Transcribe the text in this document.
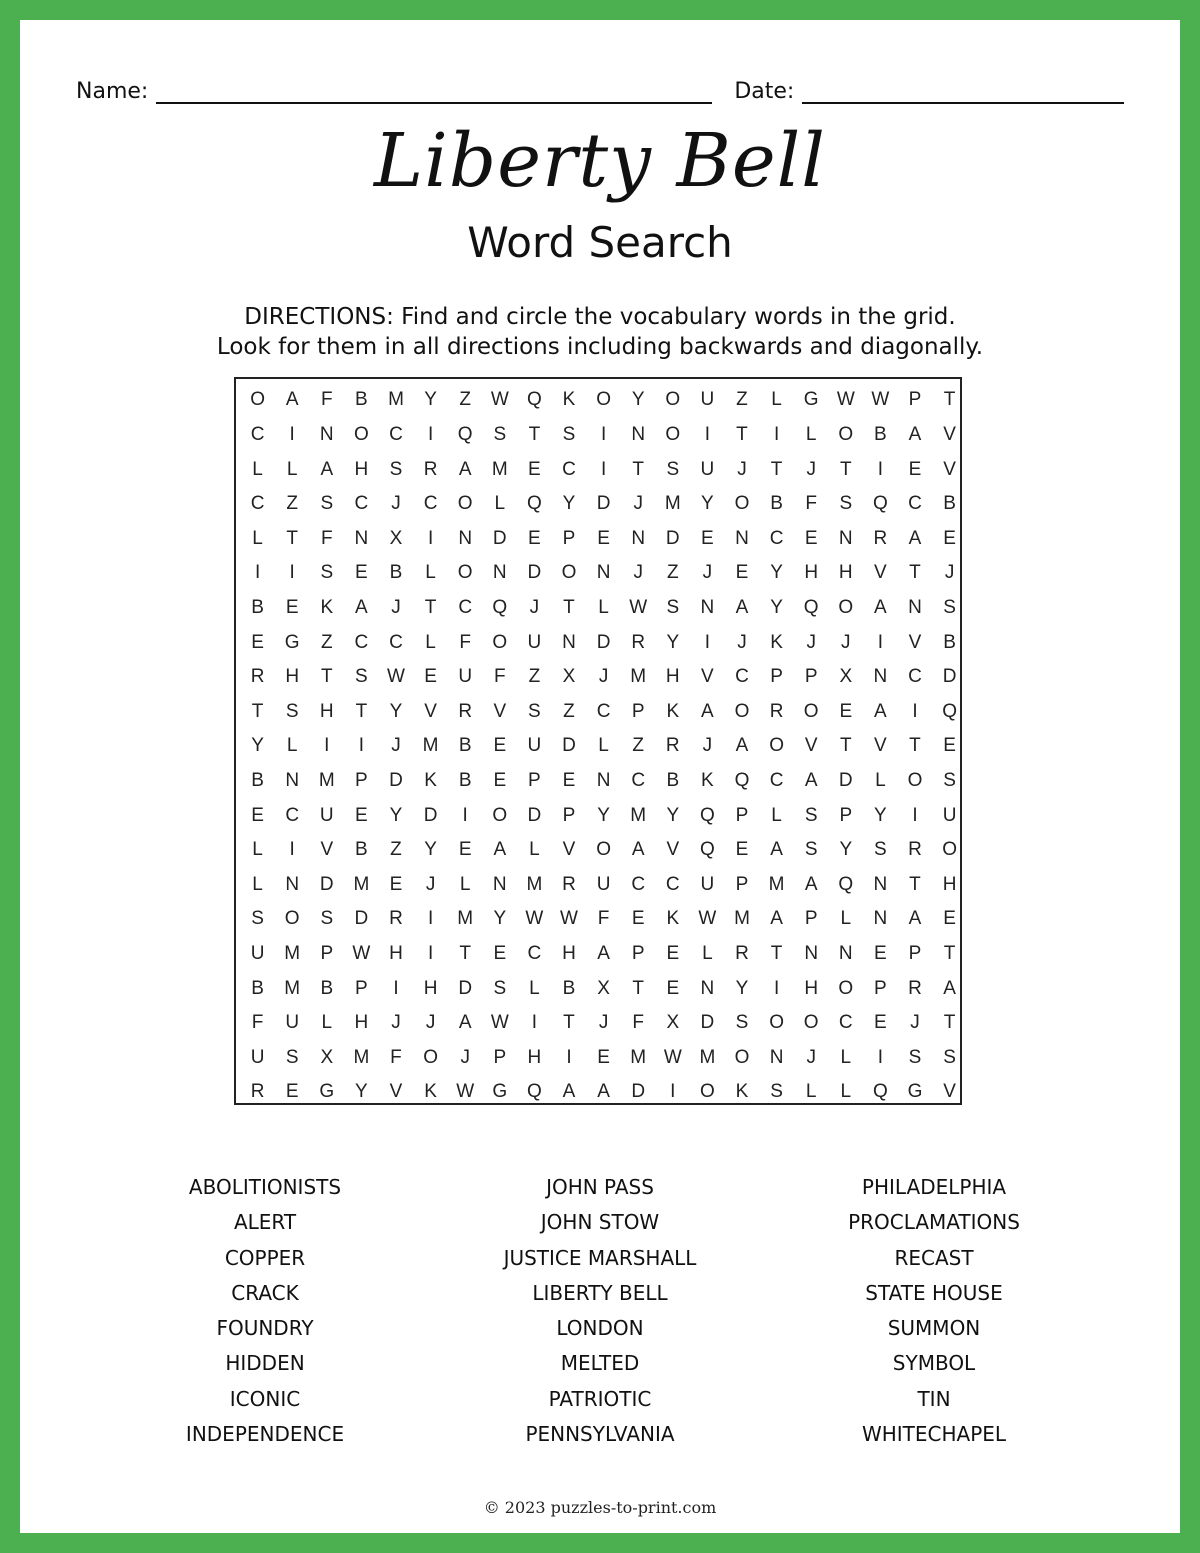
Name:	Date:
Liberty Bell
Word Search
DIRECTIONS: Find and circle the vocabulary words in the grid.
Look for them in all directions including backwards and diagonally.
O	A	F	B	M	Y	Z	W Q	K	O	Y	O	U	Z	L	G W W	P	T
C	I	N	O	C	I	Q	S	T	S	I	N	O	I	T	I	L	O	B	A	V
L	L	A	H	S	R	A	M	E	C	I	T	S	U	J	T	J	T	I	E	V
C	Z	S	C	J	C	O	L	Q	Y	D	J	M	Y	O	B	F	S	Q	C	B
L	T	F	N	X	I	N	D	E	P	E	N	D	E	N	C	E	N	R	A	E
I	I	S	E	B	L	O	N	D	O	N	J	Z	J	E	Y	H	H	V	T	J
B	E	K	A	J	T	C	Q	J	T	L	W	S	N	A	Y	Q	O	A	N	S
E	G	Z	C	C	L	F	O	U	N	D	R	Y	I	J	K	J	J	I	V	B
R	H	T	S	W	E	U	F	Z	X	J	M	H	V	C	P	P	X	N	C	D
T	S	H	T	Y	V	R	V	S	Z	C	P	K	A	O	R	O	E	A	I	Q
Y	L	I	I	J	M	B	E	U	D	L	Z	R	J	A	O	V	T	V	T	E
B	N	M	P	D	K	B	E	P	E	N	C	B	K	Q	C	A	D	L	O	S
E	C	U	E	Y	D	I	O	D	P	Y	M	Y	Q	P	L	S	P	Y	I	U
L	I	V	B	Z	Y	E	A	L	V	O	A	V	Q	E	A	S	Y	S	R	O
L	N	D	M	E	J	L	N	M	R	U	C	C	U	P	M	A	Q	N	T	H
S	O	S	D	R	I	M	Y	W W	F	E	K	W M	A	P	L	N	A	E
U	M	P	W H	I	T	E	C	H	A	P	E	L	R	T	N	N	E	P	T
B	M	B	P	I	H	D	S	L	B	X	T	E	N	Y	I	H	O	P	R	A
F	U	L	H	J	J	A	W	I	T	J	F	X	D	S	O	O	C	E	J	T
U	S	X	M	F	O	J	P	H	I	E	M W M	O	N	J	L	I	S	S
R	E	G	Y	V	K	W G	Q	A	A	D	I	O	K	S	L	L	Q	G	V
ABOLITIONISTS
ALERT
COPPER
CRACK
FOUNDRY
HIDDEN
ICONIC
INDEPENDENCE
JOHN PASS
JOHN STOW
JUSTICE MARSHALL
LIBERTY BELL
LONDON
MELTED
PATRIOTIC
PENNSYLVANIA
PHILADELPHIA
PROCLAMATIONS
RECAST
STATE HOUSE
SUMMON
SYMBOL
TIN
WHITECHAPEL
© 2023 puzzles-to-print.com
